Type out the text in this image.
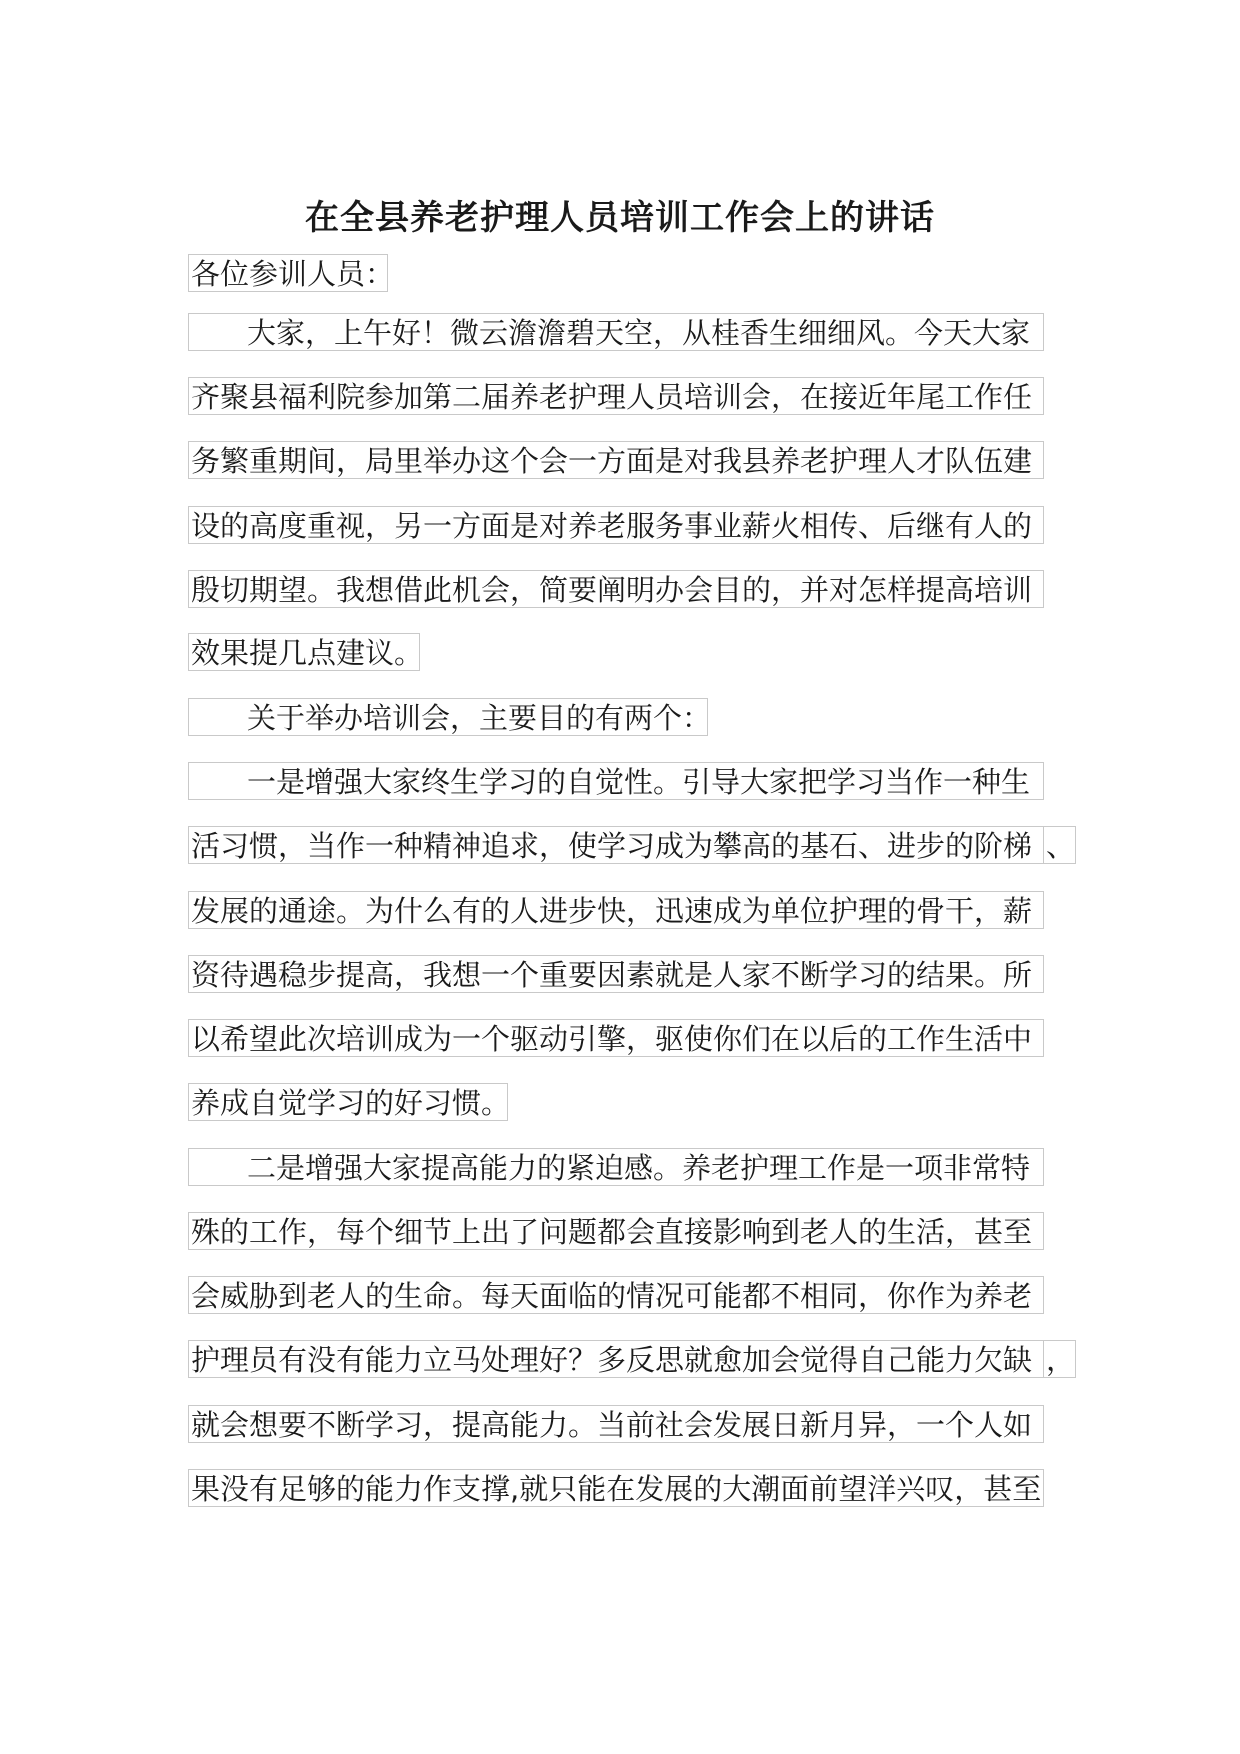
在全县养老护理人员培训工作会上的讲话
各位参训人员：
大家，上午好！微云澹澹碧天空，从桂香生细细风。今天大家
齐聚县福利院参加第二届养老护理人员培训会，在接近年尾工作任
务繁重期间，局里举办这个会一方面是对我县养老护理人才队伍建
设的高度重视，另一方面是对养老服务事业薪火相传、后继有人的
殷切期望。我想借此机会，简要阐明办会目的，并对怎样提高培训
效果提几点建议。
关于举办培训会，主要目的有两个：
一是增强大家终生学习的自觉性。引导大家把学习当作一种生
活习惯，当作一种精神追求，使学习成为攀高的基石、进步的阶梯 、
发展的通途。为什么有的人进步快，迅速成为单位护理的骨干，薪
资待遇稳步提高，我想一个重要因素就是人家不断学习的结果。所
以希望此次培训成为一个驱动引擎，驱使你们在以后的工作生活中
养成自觉学习的好习惯。
二是增强大家提高能力的紧迫感。养老护理工作是一项非常特
殊的工作，每个细节上出了问题都会直接影响到老人的生活，甚至
会威胁到老人的生命。每天面临的情况可能都不相同，你作为养老
护理员有没有能力立马处理好？多反思就愈加会觉得自己能力欠缺 ，
就会想要不断学习，提高能力。当前社会发展日新月异，一个人如
果没有足够的能力作支撑,就只能在发展的大潮面前望洋兴叹，甚至
